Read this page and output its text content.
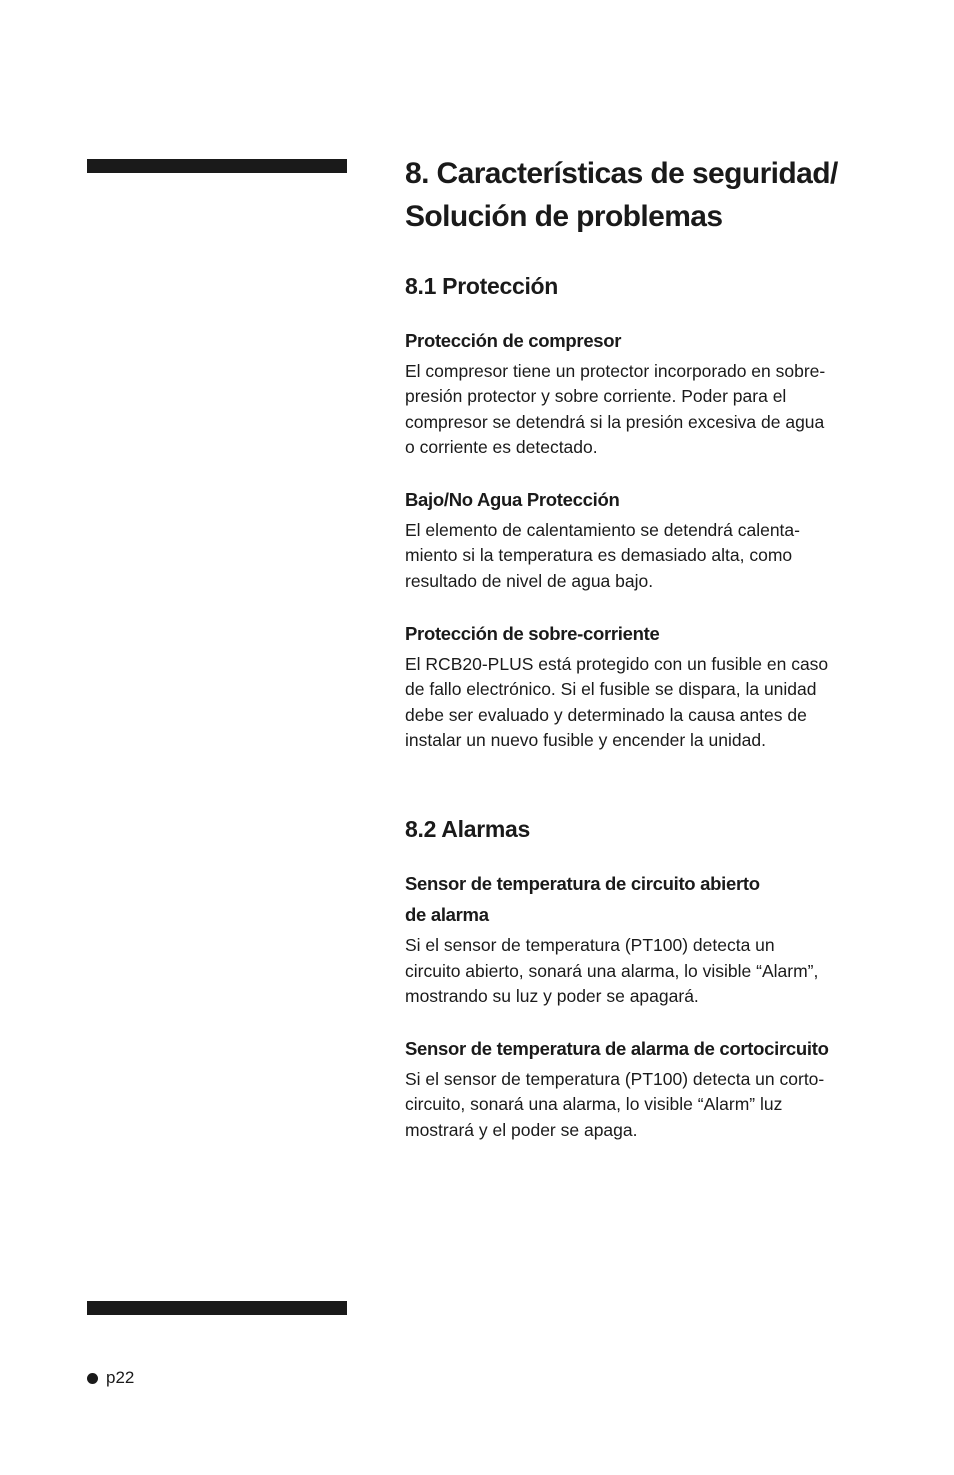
8. Características de seguridad/
Solución de problemas
8.1 Protección
Protección de compresor

El compresor tiene un protector incorporado en sobre-
presión protector y sobre corriente. Poder para el
compresor se detendrá si la presión excesiva de agua
o corriente es detectado.

Bajo/No Agua Protección

El elemento de calentamiento se detendrá calenta-
miento si la temperatura es demasiado alta, como
resultado de nivel de agua bajo.

Protección de sobre-corriente

El RCB20-PLUS está protegido con un fusible en caso
de fallo electrónico. Si el fusible se dispara, la unidad
debe ser evaluado y determinado la causa antes de
instalar un nuevo fusible y encender la unidad.

8.2 Alarmas
Sensor de temperatura de circuito abierto
de alarma

Si el sensor de temperatura (PT100) detecta un
circuito abierto, sonará una alarma, lo visible “Alarm”,
mostrando su luz y poder se apagará.

Sensor de temperatura de alarma de cortocircuito

Si el sensor de temperatura (PT100) detecta un corto-
circuito, sonará una alarma, lo visible “Alarm” luz
mostrará y el poder se apaga.

p22
